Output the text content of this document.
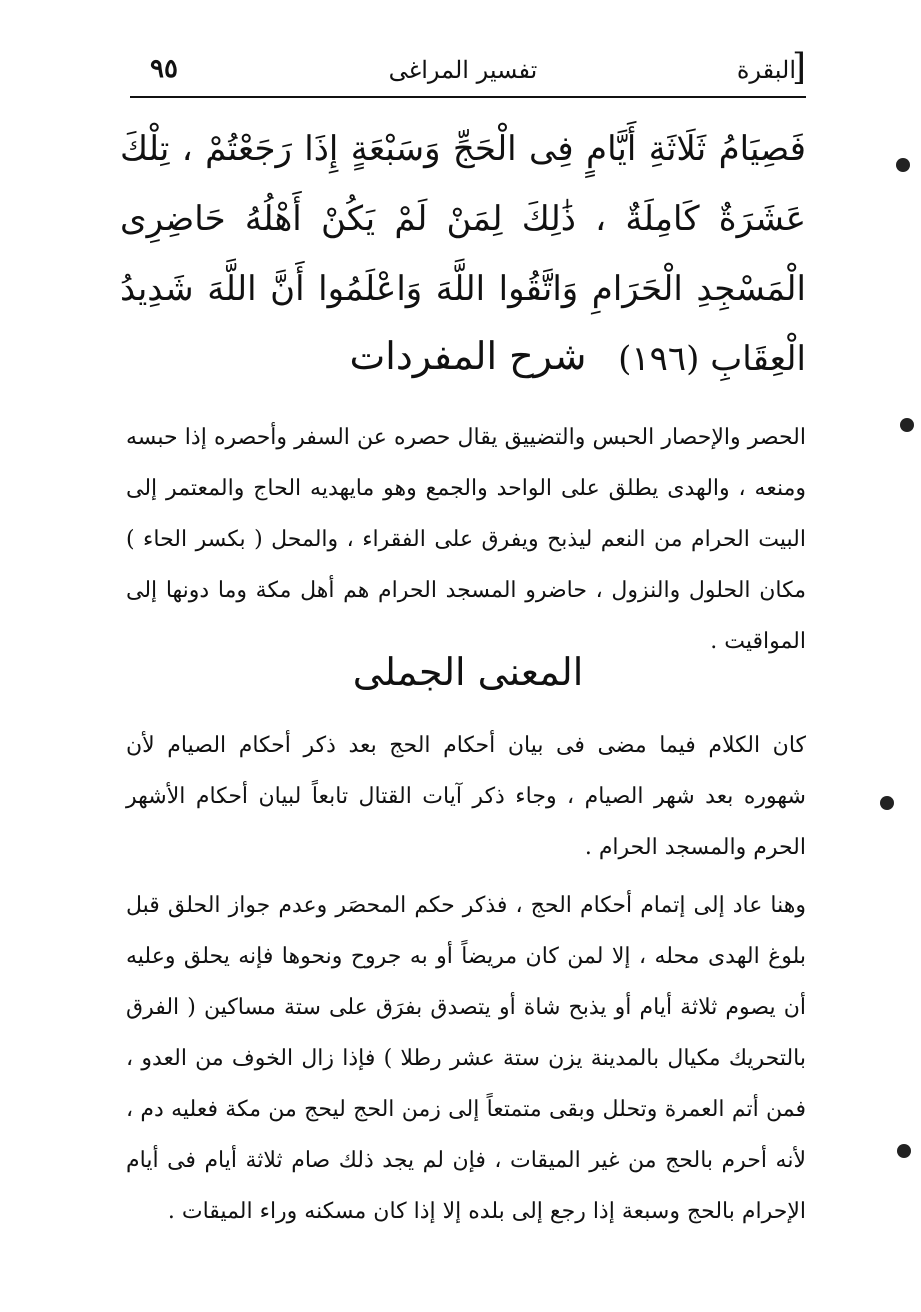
٩٥	تفسير المراغى	البقرة
]
فَصِيَامُ ثَلَاثَةِ أَيَّامٍ فِى الْحَجِّ وَسَبْعَةٍ إِذَا رَجَعْتُمْ ، تِلْكَ عَشَرَةٌ كَامِلَةٌ ، ذَٰلِكَ لِمَنْ لَمْ يَكُنْ أَهْلُهُ حَاضِرِى الْمَسْجِدِ الْحَرَامِ وَاتَّقُوا اللَّهَ وَاعْلَمُوا أَنَّ اللَّهَ شَدِيدُ الْعِقَابِ (١٩٦)
شرح المفردات

الحصر والإحصار الحبس والتضييق يقال حصره عن السفر وأحصره إذا حبسه ومنعه ، والهدى يطلق على الواحد والجمع وهو مايهديه الحاج والمعتمر إلى البيت الحرام من النعم ليذبح ويفرق على الفقراء ، والمحل ( بكسر الحاء ) مكان الحلول والنزول ، حاضرو المسجد الحرام هم أهل مكة وما دونها إلى المواقيت .

المعنى الجملى

كان الكلام فيما مضى فى بيان أحكام الحج بعد ذكر أحكام الصيام لأن شهوره بعد شهر الصيام ، وجاء ذكر آيات القتال تابعاً لبيان أحكام الأشهر الحرم والمسجد الحرام .

وهنا عاد إلى إتمام أحكام الحج ، فذكر حكم المحصَر وعدم جواز الحلق قبل بلوغ الهدى محله ، إلا لمن كان مريضاً أو به جروح ونحوها فإنه يحلق وعليه أن يصوم ثلاثة أيام أو يذبح شاة أو يتصدق بفرَق على ستة مساكين ( الفرق بالتحريك مكيال بالمدينة يزن ستة عشر رطلا ) فإذا زال الخوف من العدو ، فمن أتم العمرة وتحلل وبقى متمتعاً إلى زمن الحج ليحج من مكة فعليه دم ، لأنه أحرم بالحج من غير الميقات ، فإن لم يجد ذلك صام ثلاثة أيام فى أيام الإحرام بالحج وسبعة إذا رجع إلى بلده إلا إذا كان مسكنه وراء الميقات .
